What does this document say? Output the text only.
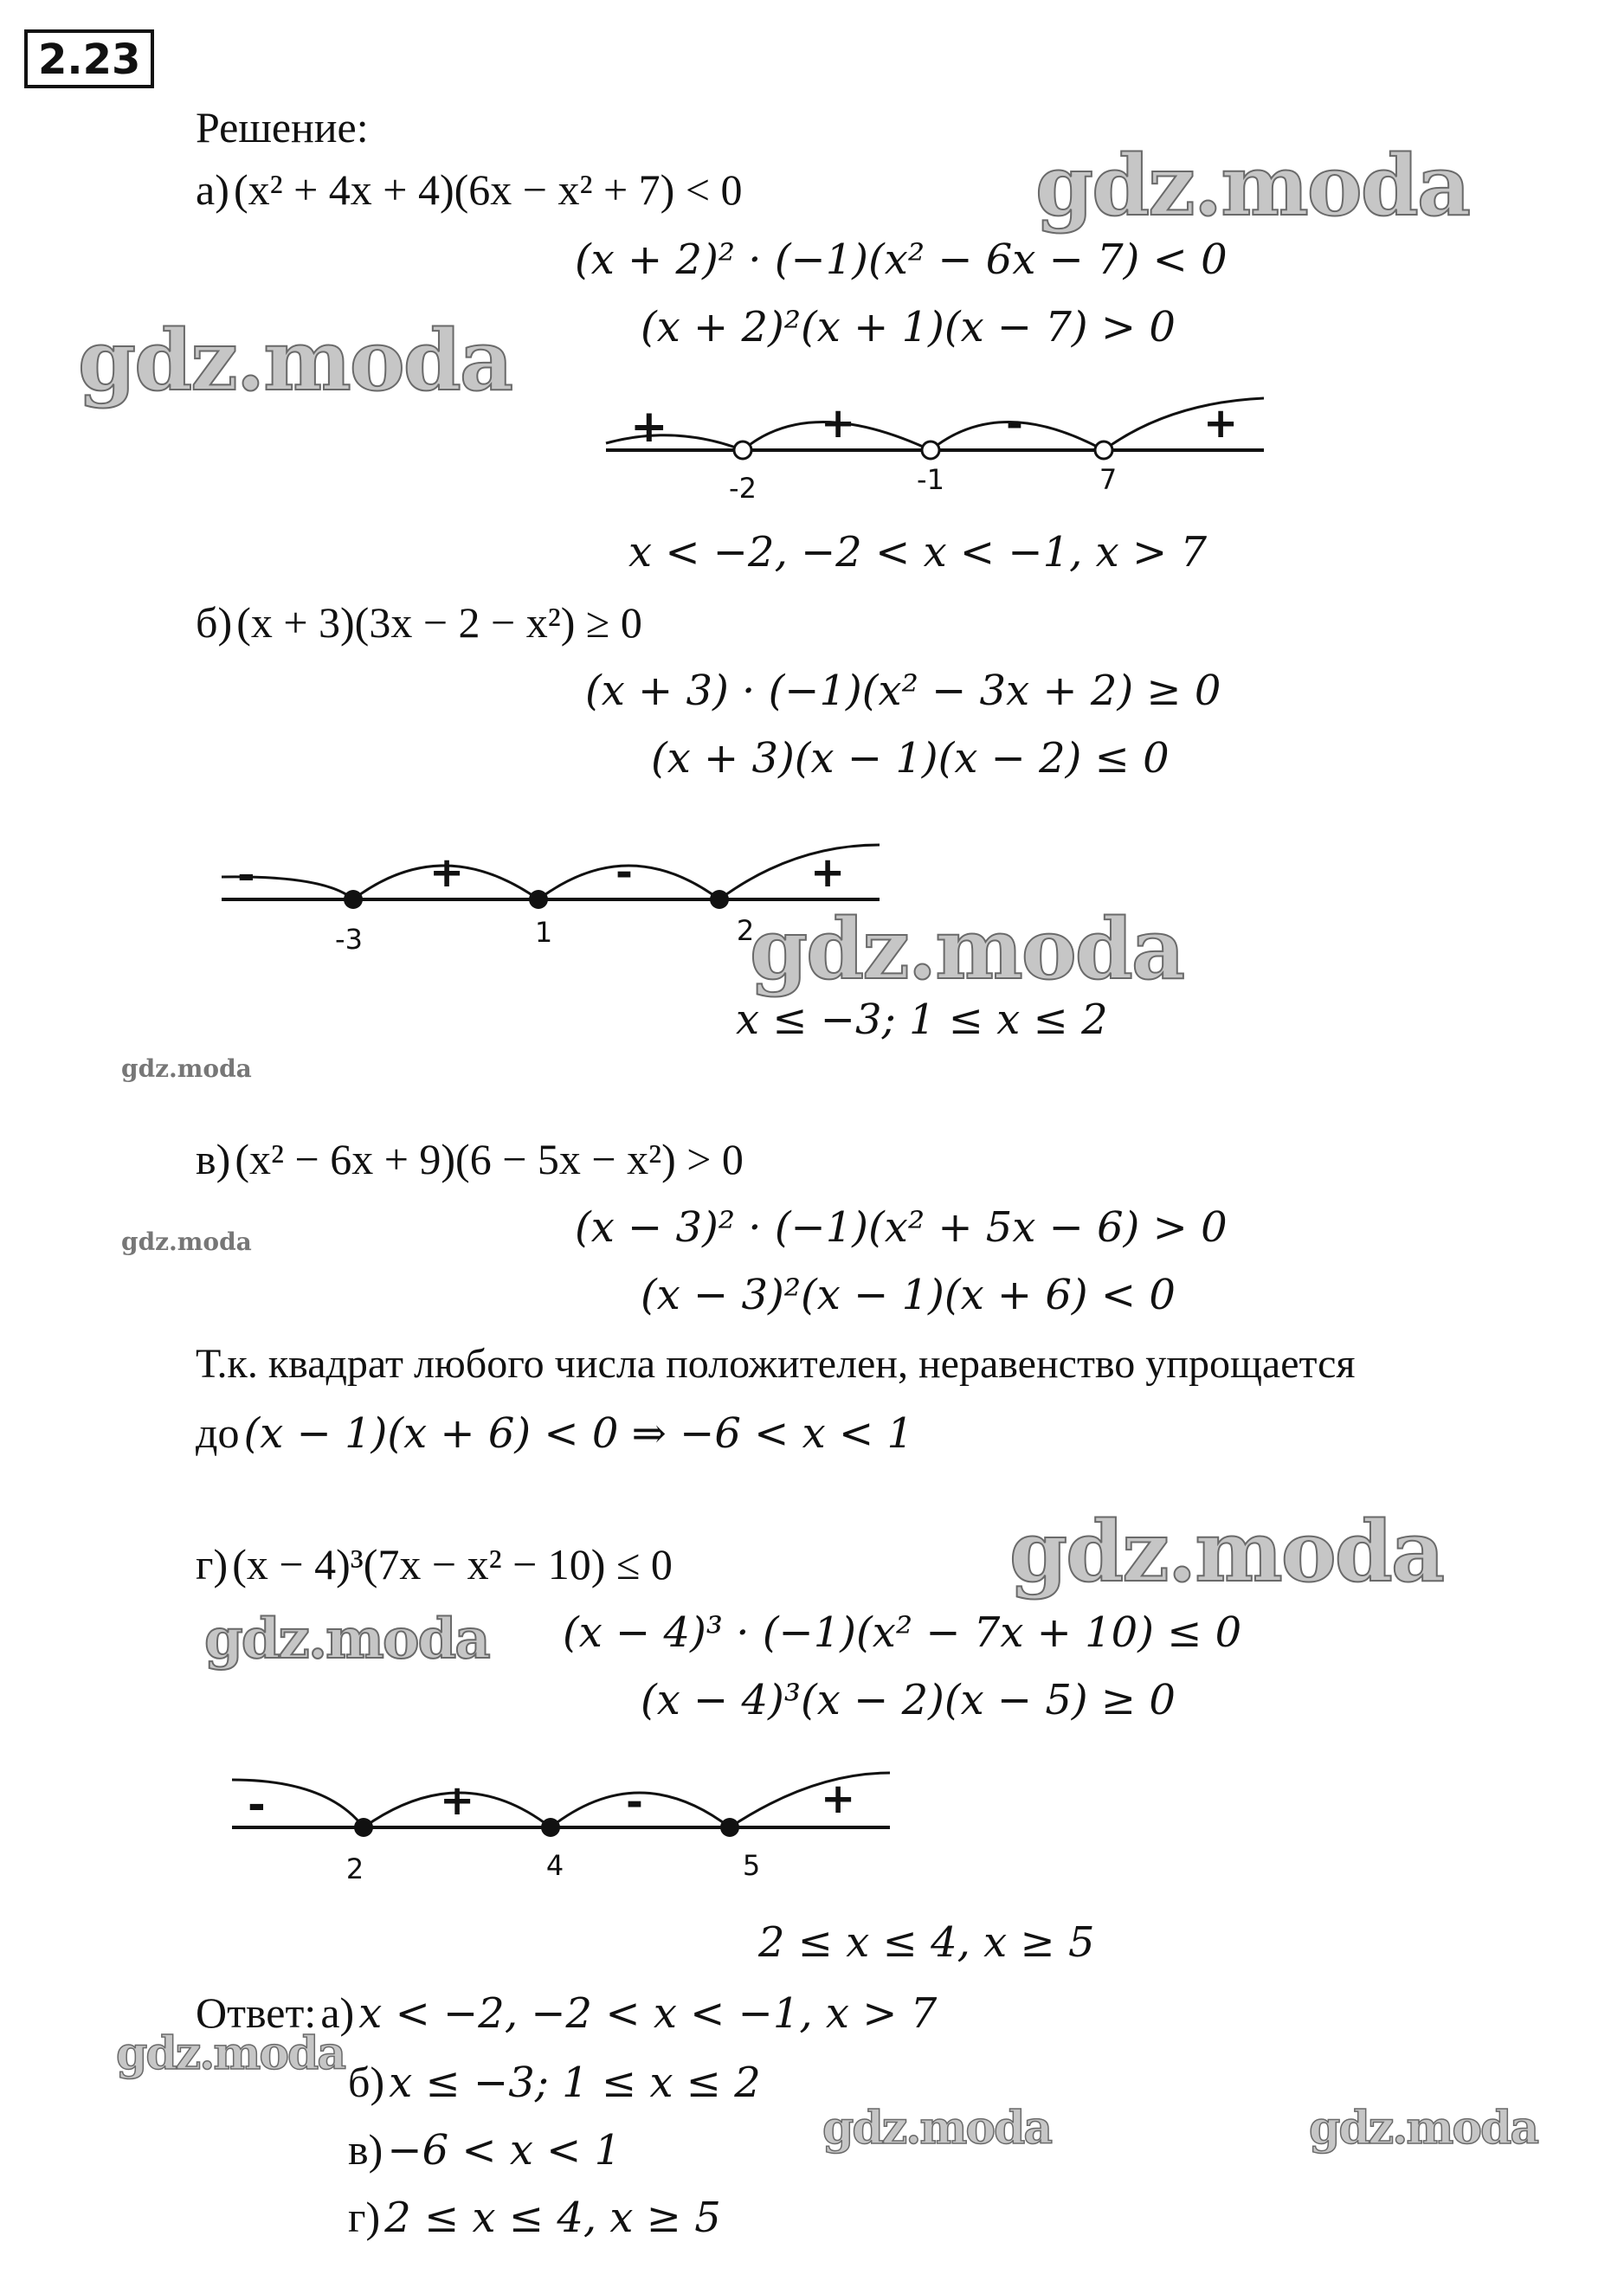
2.23
Решение:
а) (x² + 4x + 4)(6x − x² + 7) < 0
(x + 2)² · (−1)(x² − 6x − 7) < 0
(x + 2)²(x + 1)(x − 7) > 0
+	+	-	+
-2	-1	7
x < −2, −2 < x < −1, x > 7
б) (x + 3)(3x − 2 − x²) ≥ 0
(x + 3) · (−1)(x² − 3x + 2) ≥ 0
(x + 3)(x − 1)(x − 2) ≤ 0
-	+	-	+
-3	1	2
x ≤ −3; 1 ≤ x ≤ 2
в) (x² − 6x + 9)(6 − 5x − x²) > 0
(x − 3)² · (−1)(x² + 5x − 6) > 0
(x − 3)²(x − 1)(x + 6) < 0
Т.к. квадрат любого числа положителен, неравенство упрощается
до (x − 1)(x + 6) < 0 ⇒ −6 < x < 1
г) (x − 4)³(7x − x² − 10) ≤ 0
(x − 4)³ · (−1)(x² − 7x + 10) ≤ 0
(x − 4)³(x − 2)(x − 5) ≥ 0
-	+	-	+
2	4	5
2 ≤ x ≤ 4, x ≥ 5
Ответ: а) x < −2, −2 < x < −1, x > 7
б) x ≤ −3; 1 ≤ x ≤ 2
в) −6 < x < 1
г) 2 ≤ x ≤ 4, x ≥ 5
gdz.moda
gdz.moda
gdz.moda
gdz.moda
gdz.moda
gdz.moda
gdz.moda
gdz.moda
gdz.moda	gdz.moda
